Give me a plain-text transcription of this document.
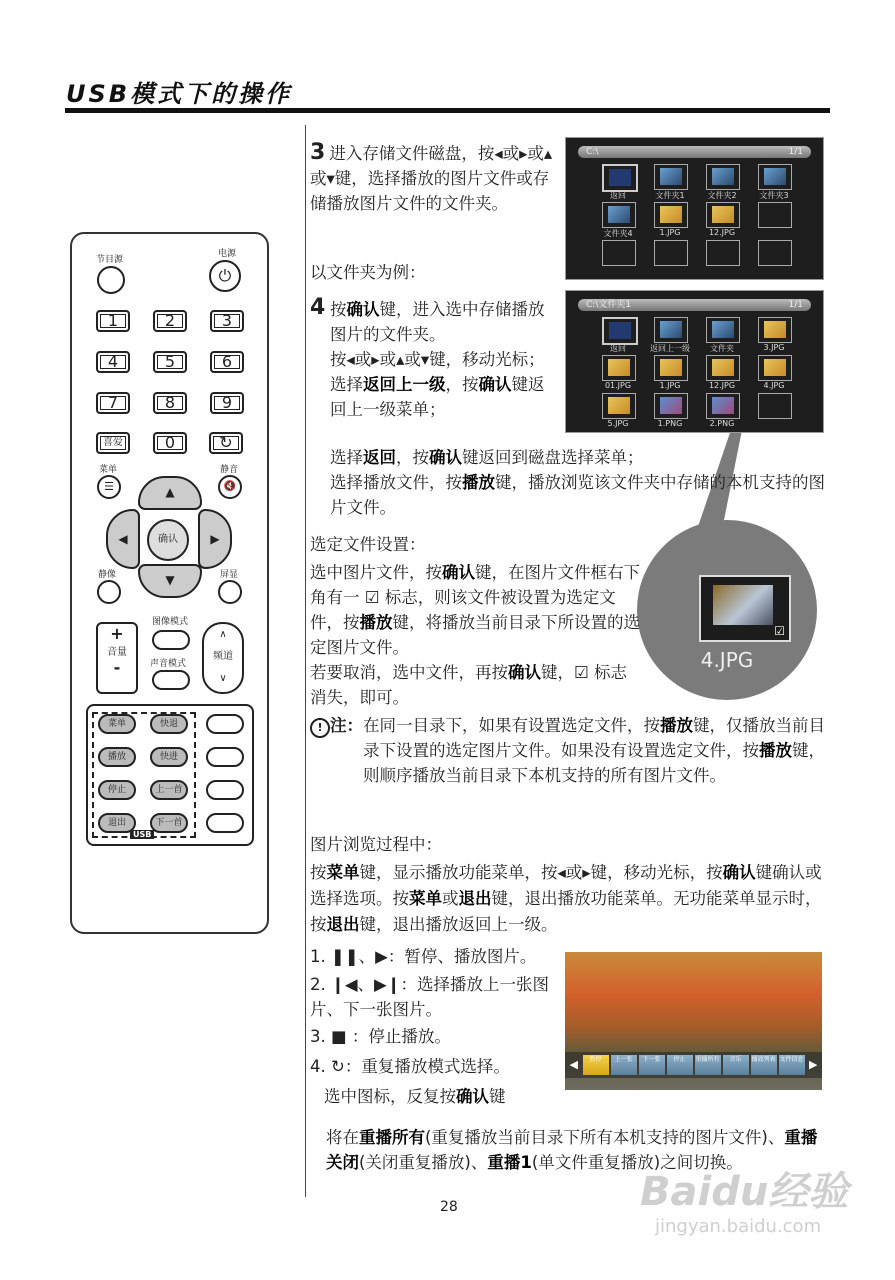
USB模式下的操作
节目源
电源
⏻
1	2	3
4	5	6
7	8	9
喜爱	0	↻
菜单
☰
静音
🔇
▲
▼
◀	▶
确认
静像	屏显
+
音量
-
图像模式
声音模式
∧
频道
∨
菜单	快退
播放	快进
停止	上一首
退出	下一首
USB
3 进入存储文件磁盘，按◂或▸或▴或▾键，选择播放的图片文件或存储播放图片文件的文件夹。
以文件夹为例：
C:\	1/1
返回	文件夹1	文件夹2	文件夹3
文件夹4	1.JPG	12.JPG
C:\文件夹1	1/1
返回	返回上一级	文件夹	3.JPG
01.JPG	1.JPG	12.JPG	4.JPG
5.JPG	1.PNG	2.PNG
4 按确认键，进入选中存储播放图片的文件夹。
按◂或▸或▴或▾键，移动光标；
选择返回上一级，按确认键返回上一级菜单；
选择返回，按确认键返回到磁盘选择菜单；
选择播放文件，按播放键，播放浏览该文件夹中存储的本机支持的图片文件。
选定文件设置：
选中图片文件，按确认键，在图片文件框右下角有一 ☑ 标志，则该文件被设置为选定文件，按播放键，将播放当前目录下所设置的选定图片文件。
若要取消，选中文件，再按确认键，☑ 标志消失，即可。
☑
4.JPG
! 注： 在同一目录下，如果有设置选定文件，按播放键，仅播放当前目录下设置的选定图片文件。如果没有设置选定文件，按播放键，则顺序播放当前目录下本机支持的所有图片文件。
图片浏览过程中：
按菜单键，显示播放功能菜单，按◂或▸键，移动光标，按确认键确认或选择选项。按菜单或退出键，退出播放功能菜单。无功能菜单显示时，按退出键，退出播放返回上一级。
1. ❚❚、▶：暂停、播放图片。
2. ❙◀、▶❙：选择播放上一张图片、下一张图片。
3. ■ ：停止播放。
4. ↻：重复播放模式选择。
选中图标，反复按确认键
将在重播所有(重复播放当前目录下所有本机支持的图片文件)、重播关闭(关闭重复播放)、重播1(单文件重复播放)之间切换。
◀ 暂停 上一张 下一张 停止 重播所有 音乐 播放列表 文件信息 ▶
28	Baidu经验
jingyan.baidu.com
